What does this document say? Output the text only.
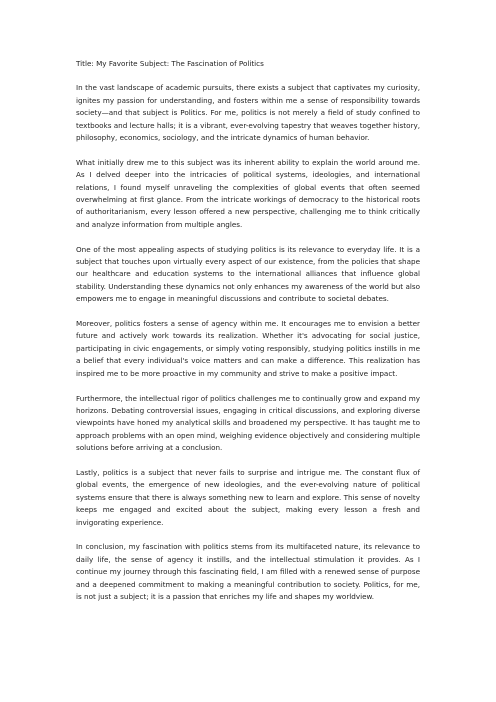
Title: My Favorite Subject: The Fascination of Politics

In the vast landscape of academic pursuits, there exists a subject that captivates my curiosity, ignites my passion for understanding, and fosters within me a sense of responsibility towards society—and that subject is Politics. For me, politics is not merely a field of study confined to textbooks and lecture halls; it is a vibrant, ever-evolving tapestry that weaves together history, philosophy, economics, sociology, and the intricate dynamics of human behavior.

What initially drew me to this subject was its inherent ability to explain the world around me. As I delved deeper into the intricacies of political systems, ideologies, and international relations, I found myself unraveling the complexities of global events that often seemed overwhelming at first glance. From the intricate workings of democracy to the historical roots of authoritarianism, every lesson offered a new perspective, challenging me to think critically and analyze information from multiple angles.

One of the most appealing aspects of studying politics is its relevance to everyday life. It is a subject that touches upon virtually every aspect of our existence, from the policies that shape our healthcare and education systems to the international alliances that influence global stability. Understanding these dynamics not only enhances my awareness of the world but also empowers me to engage in meaningful discussions and contribute to societal debates.

Moreover, politics fosters a sense of agency within me. It encourages me to envision a better future and actively work towards its realization. Whether it's advocating for social justice, participating in civic engagements, or simply voting responsibly, studying politics instills in me a belief that every individual's voice matters and can make a difference. This realization has inspired me to be more proactive in my community and strive to make a positive impact.

Furthermore, the intellectual rigor of politics challenges me to continually grow and expand my horizons. Debating controversial issues, engaging in critical discussions, and exploring diverse viewpoints have honed my analytical skills and broadened my perspective. It has taught me to approach problems with an open mind, weighing evidence objectively and considering multiple solutions before arriving at a conclusion.

Lastly, politics is a subject that never fails to surprise and intrigue me. The constant flux of global events, the emergence of new ideologies, and the ever-evolving nature of political systems ensure that there is always something new to learn and explore. This sense of novelty keeps me engaged and excited about the subject, making every lesson a fresh and invigorating experience.

In conclusion, my fascination with politics stems from its multifaceted nature, its relevance to daily life, the sense of agency it instills, and the intellectual stimulation it provides. As I continue my journey through this fascinating field, I am filled with a renewed sense of purpose and a deepened commitment to making a meaningful contribution to society. Politics, for me, is not just a subject; it is a passion that enriches my life and shapes my worldview.
